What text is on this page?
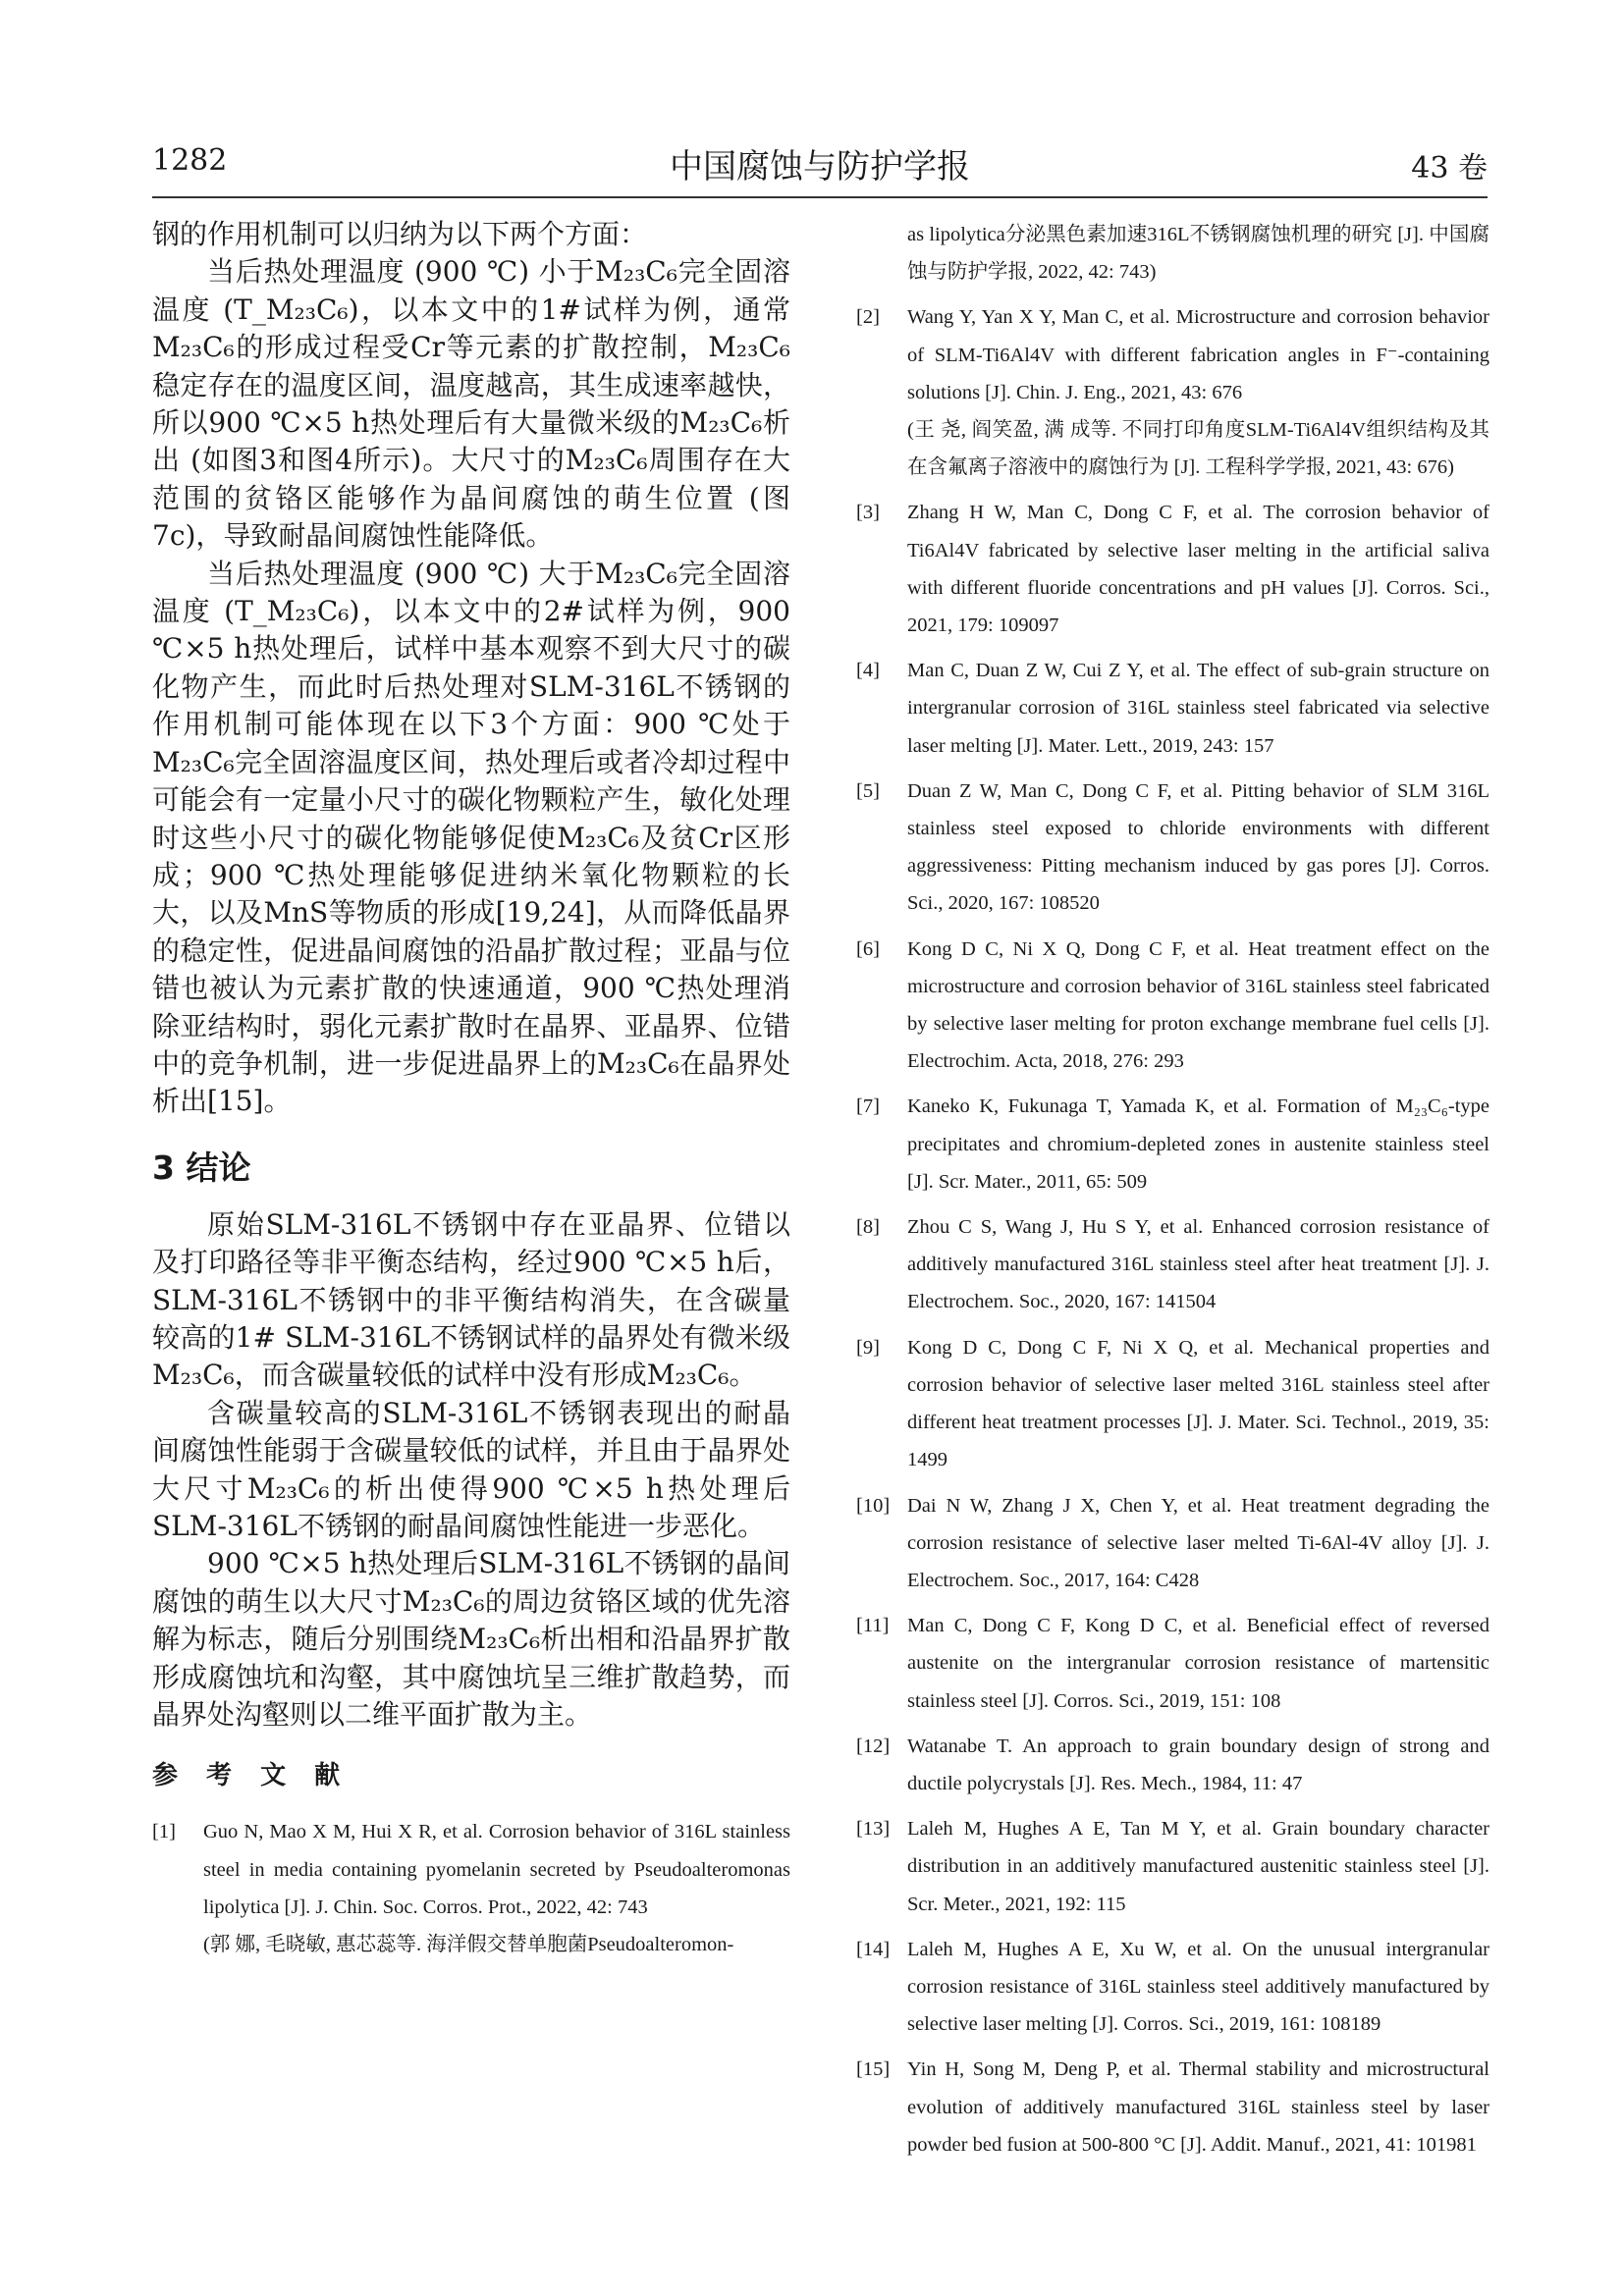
1282	中国腐蚀与防护学报	43 卷

钢的作用机制可以归纳为以下两个方面：

当后热处理温度 (900 ℃) 小于M₂₃C₆完全固溶温度 (T_M₂₃C₆)，以本文中的1#试样为例，通常M₂₃C₆的形成过程受Cr等元素的扩散控制，M₂₃C₆稳定存在的温度区间，温度越高，其生成速率越快，所以900 ℃×5 h热处理后有大量微米级的M₂₃C₆析出 (如图3和图4所示)。大尺寸的M₂₃C₆周围存在大范围的贫铬区能够作为晶间腐蚀的萌生位置 (图7c)，导致耐晶间腐蚀性能降低。

当后热处理温度 (900 ℃) 大于M₂₃C₆完全固溶温度 (T_M₂₃C₆)，以本文中的2#试样为例，900 ℃×5 h热处理后，试样中基本观察不到大尺寸的碳化物产生，而此时后热处理对SLM-316L不锈钢的作用机制可能体现在以下3个方面：900 ℃处于M₂₃C₆完全固溶温度区间，热处理后或者冷却过程中可能会有一定量小尺寸的碳化物颗粒产生，敏化处理时这些小尺寸的碳化物能够促使M₂₃C₆及贫Cr区形成；900 ℃热处理能够促进纳米氧化物颗粒的长大，以及MnS等物质的形成[19,24]，从而降低晶界的稳定性，促进晶间腐蚀的沿晶扩散过程；亚晶与位错也被认为元素扩散的快速通道，900 ℃热处理消除亚结构时，弱化元素扩散时在晶界、亚晶界、位错中的竞争机制，进一步促进晶界上的M₂₃C₆在晶界处析出[15]。

3 结论

原始SLM-316L不锈钢中存在亚晶界、位错以及打印路径等非平衡态结构，经过900 ℃×5 h后，SLM-316L不锈钢中的非平衡结构消失，在含碳量较高的1# SLM-316L不锈钢试样的晶界处有微米级M₂₃C₆，而含碳量较低的试样中没有形成M₂₃C₆。

含碳量较高的SLM-316L不锈钢表现出的耐晶间腐蚀性能弱于含碳量较低的试样，并且由于晶界处大尺寸M₂₃C₆的析出使得900 ℃×5 h热处理后SLM-316L不锈钢的耐晶间腐蚀性能进一步恶化。

900 ℃×5 h热处理后SLM-316L不锈钢的晶间腐蚀的萌生以大尺寸M₂₃C₆的周边贫铬区域的优先溶解为标志，随后分别围绕M₂₃C₆析出相和沿晶界扩散形成腐蚀坑和沟壑，其中腐蚀坑呈三维扩散趋势，而晶界处沟壑则以二维平面扩散为主。

参 考 文 献
[1] Guo N, Mao X M, Hui X R, et al. Corrosion behavior of 316L stainless steel in media containing pyomelanin secreted by Pseudoalteromonas lipolytica [J]. J. Chin. Soc. Corros. Prot., 2022, 42: 743
(郭 娜, 毛晓敏, 惠芯蕊等. 海洋假交替单胞菌Pseudoalteromon-
as lipolytica分泌黑色素加速316L不锈钢腐蚀机理的研究 [J]. 中国腐蚀与防护学报, 2022, 42: 743)
[2] Wang Y, Yan X Y, Man C, et al. Microstructure and corrosion behavior of SLM-Ti6Al4V with different fabrication angles in F⁻-containing solutions [J]. Chin. J. Eng., 2021, 43: 676
(王 尧, 阎笑盈, 满 成等. 不同打印角度SLM-Ti6Al4V组织结构及其在含氟离子溶液中的腐蚀行为 [J]. 工程科学学报, 2021, 43: 676)
[3] Zhang H W, Man C, Dong C F, et al. The corrosion behavior of Ti6Al4V fabricated by selective laser melting in the artificial saliva with different fluoride concentrations and pH values [J]. Corros. Sci., 2021, 179: 109097
[4] Man C, Duan Z W, Cui Z Y, et al. The effect of sub-grain structure on intergranular corrosion of 316L stainless steel fabricated via selective laser melting [J]. Mater. Lett., 2019, 243: 157
[5] Duan Z W, Man C, Dong C F, et al. Pitting behavior of SLM 316L stainless steel exposed to chloride environments with different aggressiveness: Pitting mechanism induced by gas pores [J]. Corros. Sci., 2020, 167: 108520
[6] Kong D C, Ni X Q, Dong C F, et al. Heat treatment effect on the microstructure and corrosion behavior of 316L stainless steel fabricated by selective laser melting for proton exchange membrane fuel cells [J]. Electrochim. Acta, 2018, 276: 293
[7] Kaneko K, Fukunaga T, Yamada K, et al. Formation of M₂₃C₆-type precipitates and chromium-depleted zones in austenite stainless steel [J]. Scr. Mater., 2011, 65: 509
[8] Zhou C S, Wang J, Hu S Y, et al. Enhanced corrosion resistance of additively manufactured 316L stainless steel after heat treatment [J]. J. Electrochem. Soc., 2020, 167: 141504
[9] Kong D C, Dong C F, Ni X Q, et al. Mechanical properties and corrosion behavior of selective laser melted 316L stainless steel after different heat treatment processes [J]. J. Mater. Sci. Technol., 2019, 35: 1499
[10] Dai N W, Zhang J X, Chen Y, et al. Heat treatment degrading the corrosion resistance of selective laser melted Ti-6Al-4V alloy [J]. J. Electrochem. Soc., 2017, 164: C428
[11] Man C, Dong C F, Kong D C, et al. Beneficial effect of reversed austenite on the intergranular corrosion resistance of martensitic stainless steel [J]. Corros. Sci., 2019, 151: 108
[12] Watanabe T. An approach to grain boundary design of strong and ductile polycrystals [J]. Res. Mech., 1984, 11: 47
[13] Laleh M, Hughes A E, Tan M Y, et al. Grain boundary character distribution in an additively manufactured austenitic stainless steel [J]. Scr. Meter., 2021, 192: 115
[14] Laleh M, Hughes A E, Xu W, et al. On the unusual intergranular corrosion resistance of 316L stainless steel additively manufactured by selective laser melting [J]. Corros. Sci., 2019, 161: 108189
[15] Yin H, Song M, Deng P, et al. Thermal stability and microstructural evolution of additively manufactured 316L stainless steel by laser powder bed fusion at 500-800 °C [J]. Addit. Manuf., 2021, 41: 101981
